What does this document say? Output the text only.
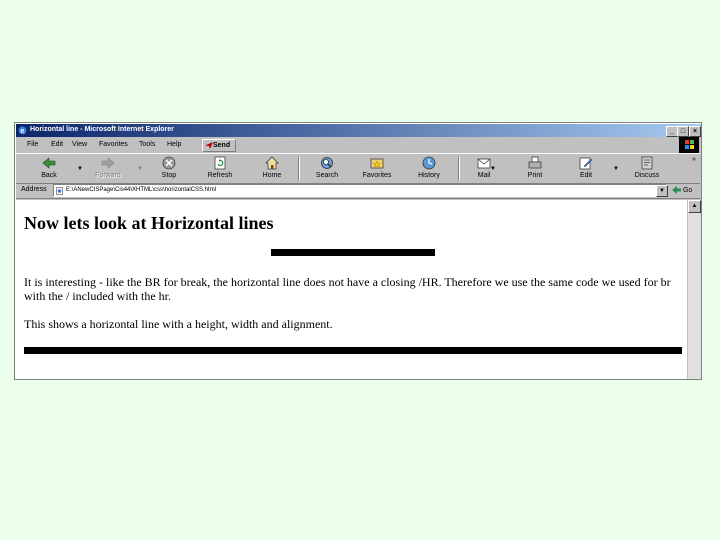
e Horizontal line - Microsoft Internet Explorer	_ □	×
File Edit View Favorites Tools Help	Send
Back
▼
Forward
▼
Stop	Refresh	Home	Search	Favorites	History	Mail
▼
Print	Edit
▼
Discuss
»
Address	E:\ANewCISPage\Cis44\XHTML\css\horizontalCSS.html	▼	Go
Now lets look at Horizontal lines

It is interesting - like the BR for break, the horizontal line does not have a closing /HR. Therefore we use the same code we used for br with the / included with the hr.

This shows a horizontal line with a height, width and alignment.

▲
